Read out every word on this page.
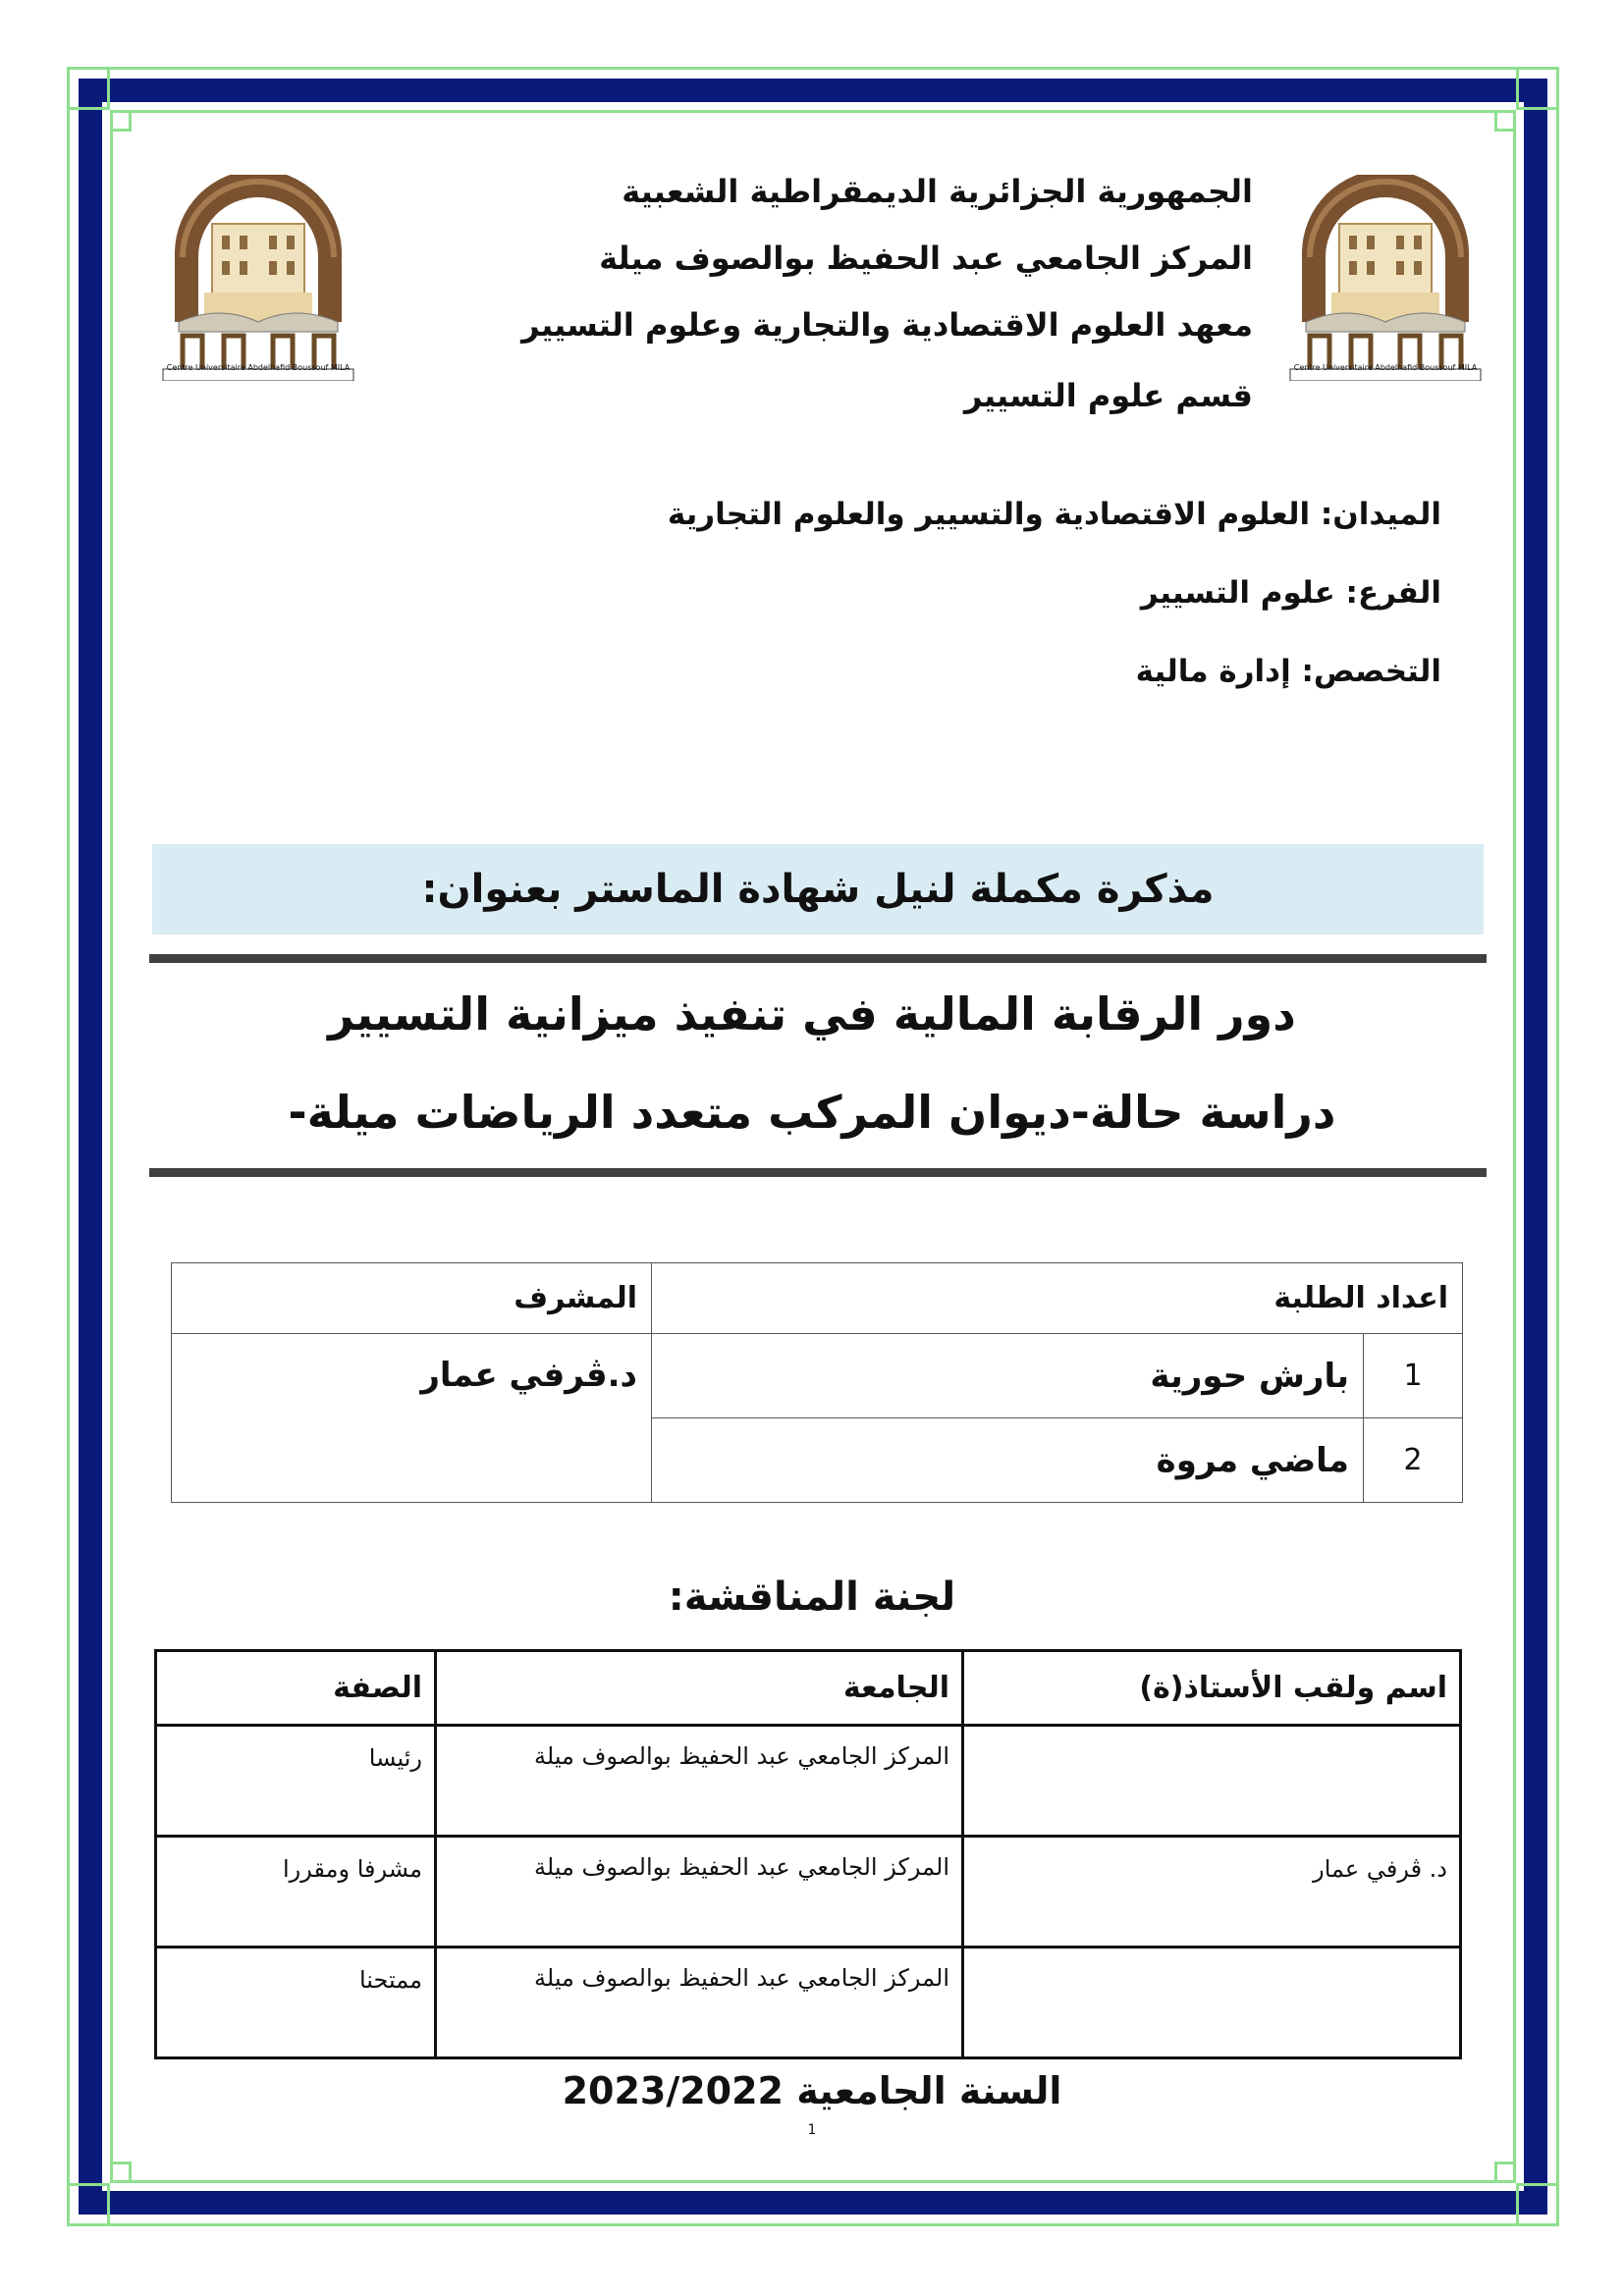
Centre Universitaire Abdelhafid Boussouf MILA	Centre Universitaire Abdelhafid Boussouf MILA
الجمهورية الجزائرية الديمقراطية الشعبية
المركز الجامعي عبد الحفيظ بوالصوف ميلة
معهد العلوم الاقتصادية والتجارية وعلوم التسيير
قسم علوم التسيير
الميدان: العلوم الاقتصادية والتسيير والعلوم التجارية
الفرع: علوم التسيير
التخصص: إدارة مالية
مذكرة مكملة لنيل شهادة الماستر بعنوان:
دور الرقابة المالية في تنفيذ ميزانية التسيير
دراسة حالة-ديوان المركب متعدد الرياضات ميلة-
اعداد الطلبة		المشرف
1	بارش حورية	د.ڤرفي عمار
2	ماضي مروة	
لجنة المناقشة:
اسم ولقب الأستاذ(ة)	الجامعة	الصفة
	المركز الجامعي عبد الحفيظ بوالصوف ميلة	رئيسا
د. ڤرفي عمار	المركز الجامعي عبد الحفيظ بوالصوف ميلة	مشرفا ومقررا
	المركز الجامعي عبد الحفيظ بوالصوف ميلة	ممتحنا
السنة الجامعية 2023/2022
1
